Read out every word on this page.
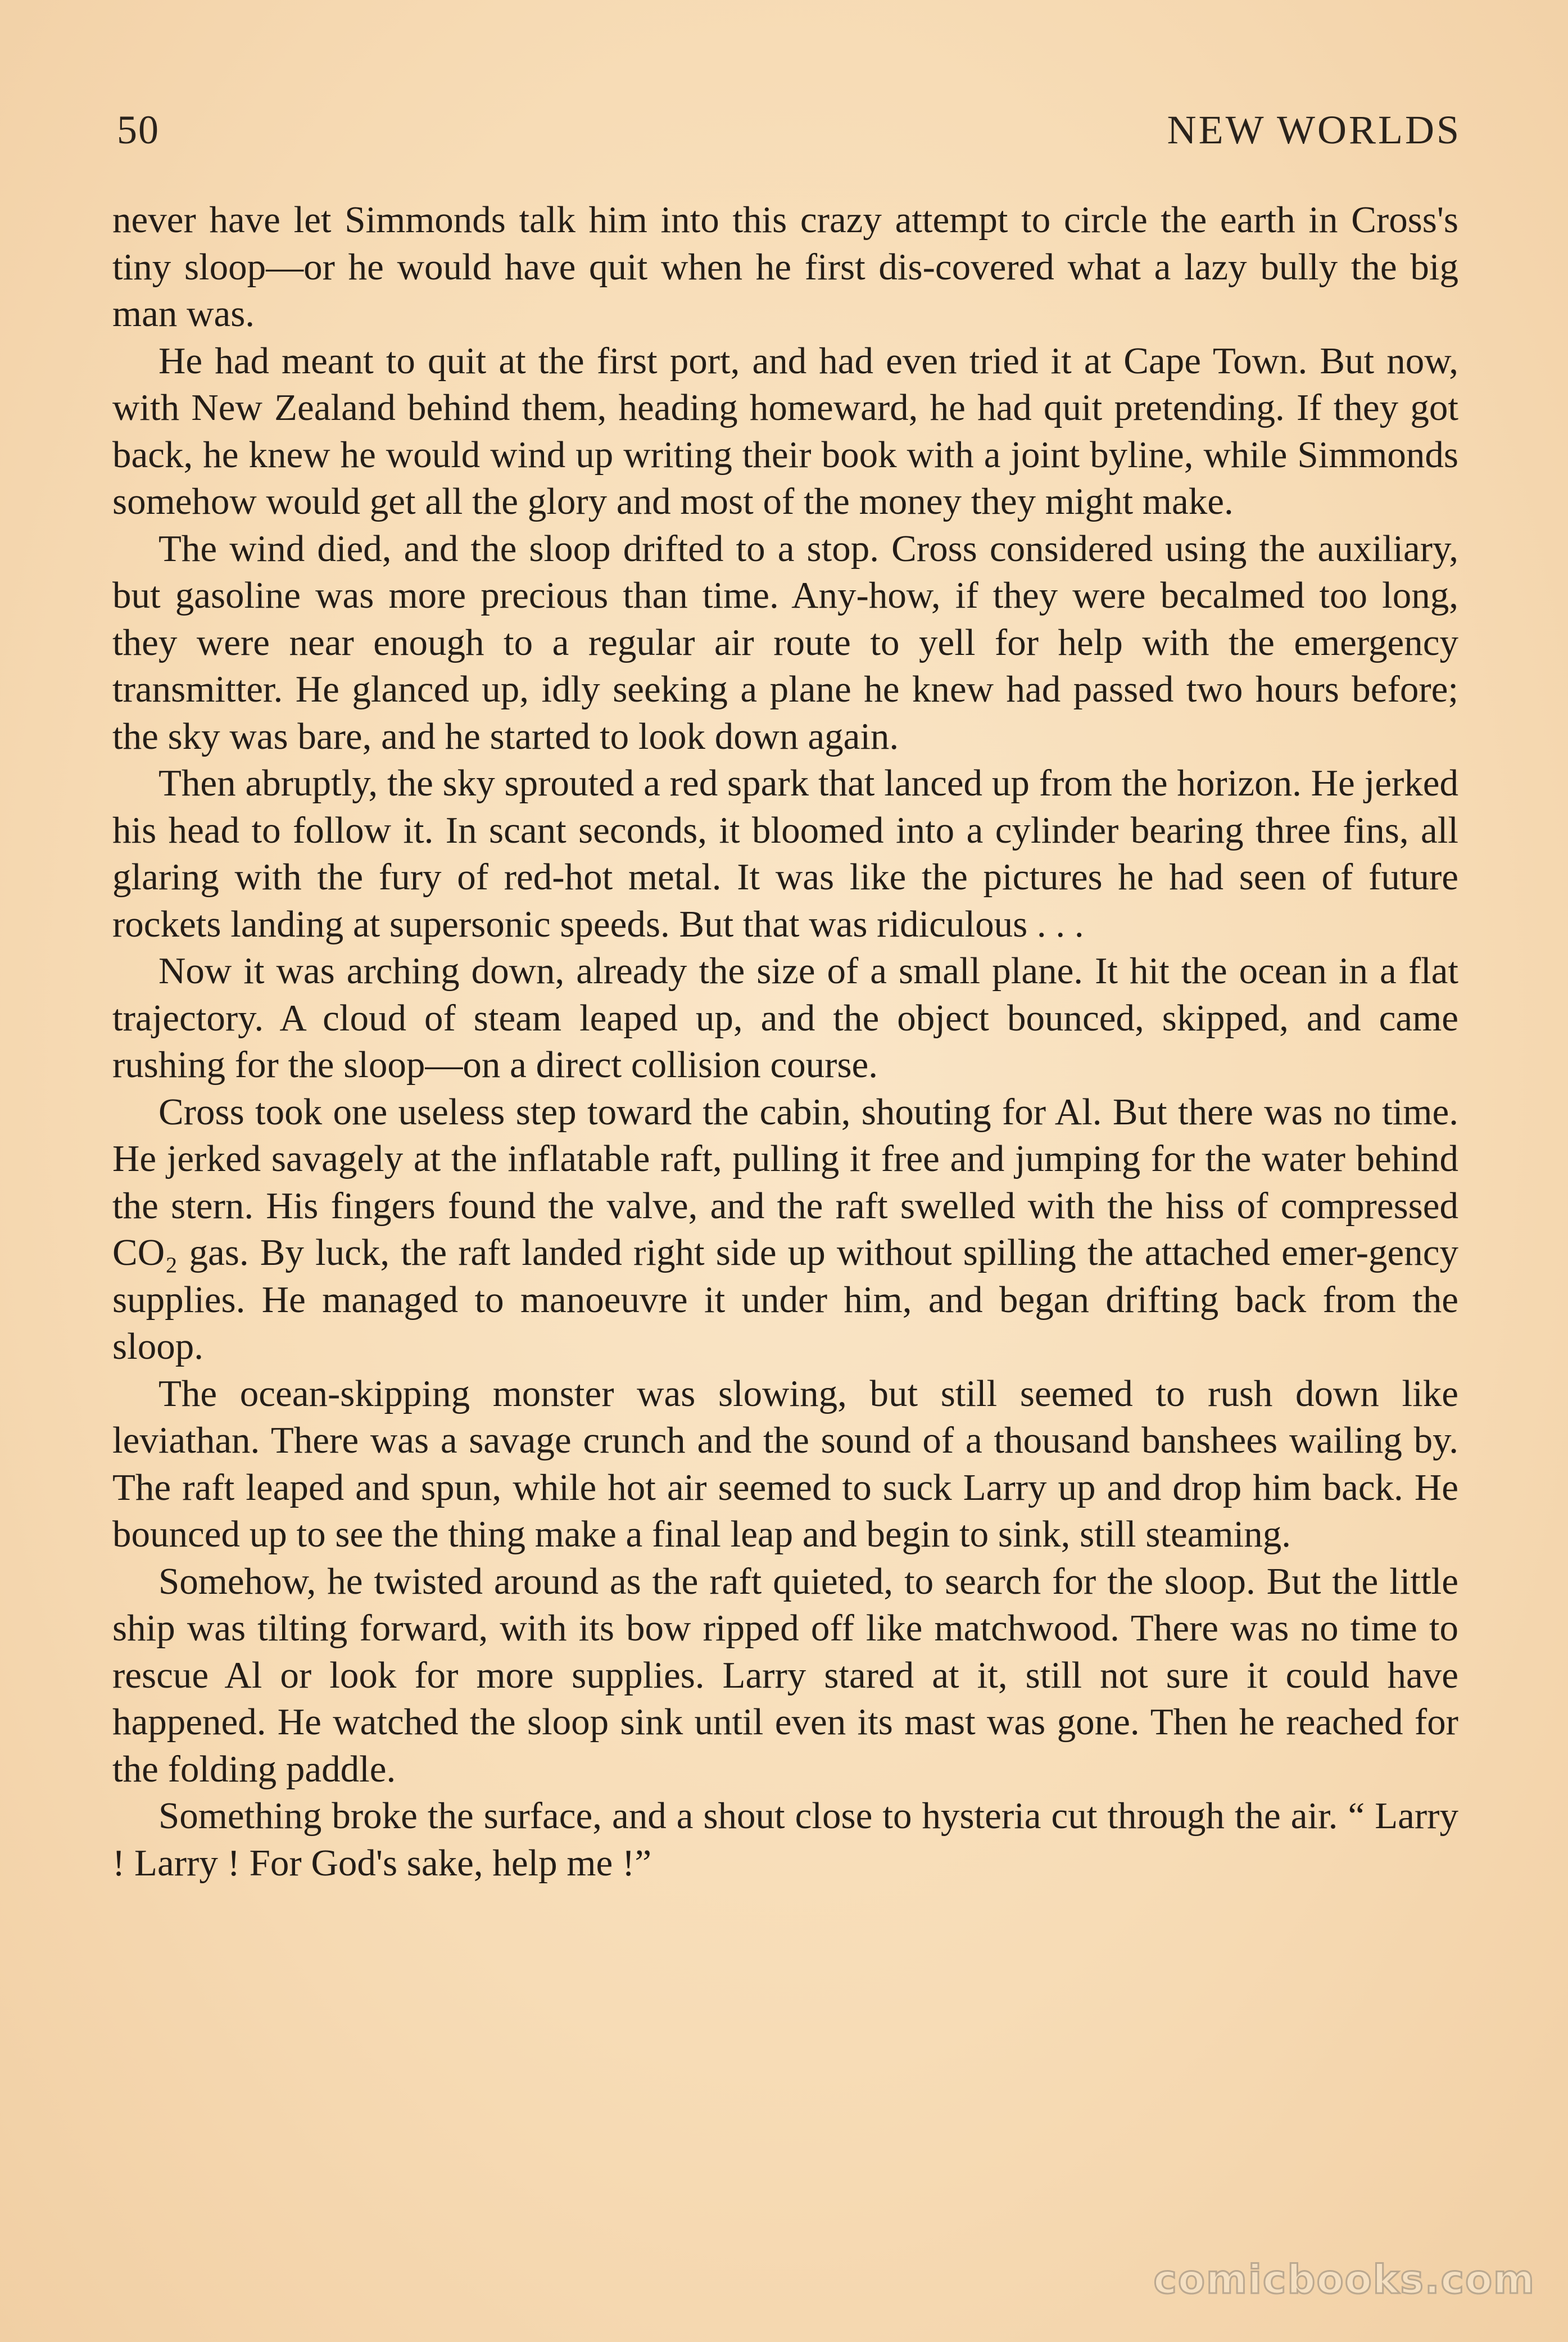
50	NEW WORLDS

never have let Simmonds talk him into this crazy attempt to circle the earth in Cross's tiny sloop—or he would have quit when he first dis-covered what a lazy bully the big man was.

He had meant to quit at the first port, and had even tried it at Cape Town. But now, with New Zealand behind them, heading homeward, he had quit pretending. If they got back, he knew he would wind up writing their book with a joint byline, while Simmonds somehow would get all the glory and most of the money they might make.

The wind died, and the sloop drifted to a stop. Cross considered using the auxiliary, but gasoline was more precious than time. Any-how, if they were becalmed too long, they were near enough to a regular air route to yell for help with the emergency transmitter. He glanced up, idly seeking a plane he knew had passed two hours before; the sky was bare, and he started to look down again.

Then abruptly, the sky sprouted a red spark that lanced up from the horizon. He jerked his head to follow it. In scant seconds, it bloomed into a cylinder bearing three fins, all glaring with the fury of red-hot metal. It was like the pictures he had seen of future rockets landing at supersonic speeds. But that was ridiculous . . .

Now it was arching down, already the size of a small plane. It hit the ocean in a flat trajectory. A cloud of steam leaped up, and the object bounced, skipped, and came rushing for the sloop—on a direct collision course.

Cross took one useless step toward the cabin, shouting for Al. But there was no time. He jerked savagely at the inflatable raft, pulling it free and jumping for the water behind the stern. His fingers found the valve, and the raft swelled with the hiss of compressed CO₂ gas. By luck, the raft landed right side up without spilling the attached emer-gency supplies. He managed to manoeuvre it under him, and began drifting back from the sloop.

The ocean-skipping monster was slowing, but still seemed to rush down like leviathan. There was a savage crunch and the sound of a thousand banshees wailing by. The raft leaped and spun, while hot air seemed to suck Larry up and drop him back. He bounced up to see the thing make a final leap and begin to sink, still steaming.

Somehow, he twisted around as the raft quieted, to search for the sloop. But the little ship was tilting forward, with its bow ripped off like matchwood. There was no time to rescue Al or look for more supplies. Larry stared at it, still not sure it could have happened. He watched the sloop sink until even its mast was gone. Then he reached for the folding paddle.

Something broke the surface, and a shout close to hysteria cut through the air. “ Larry ! Larry ! For God's sake, help me !”

comicbooks.com
